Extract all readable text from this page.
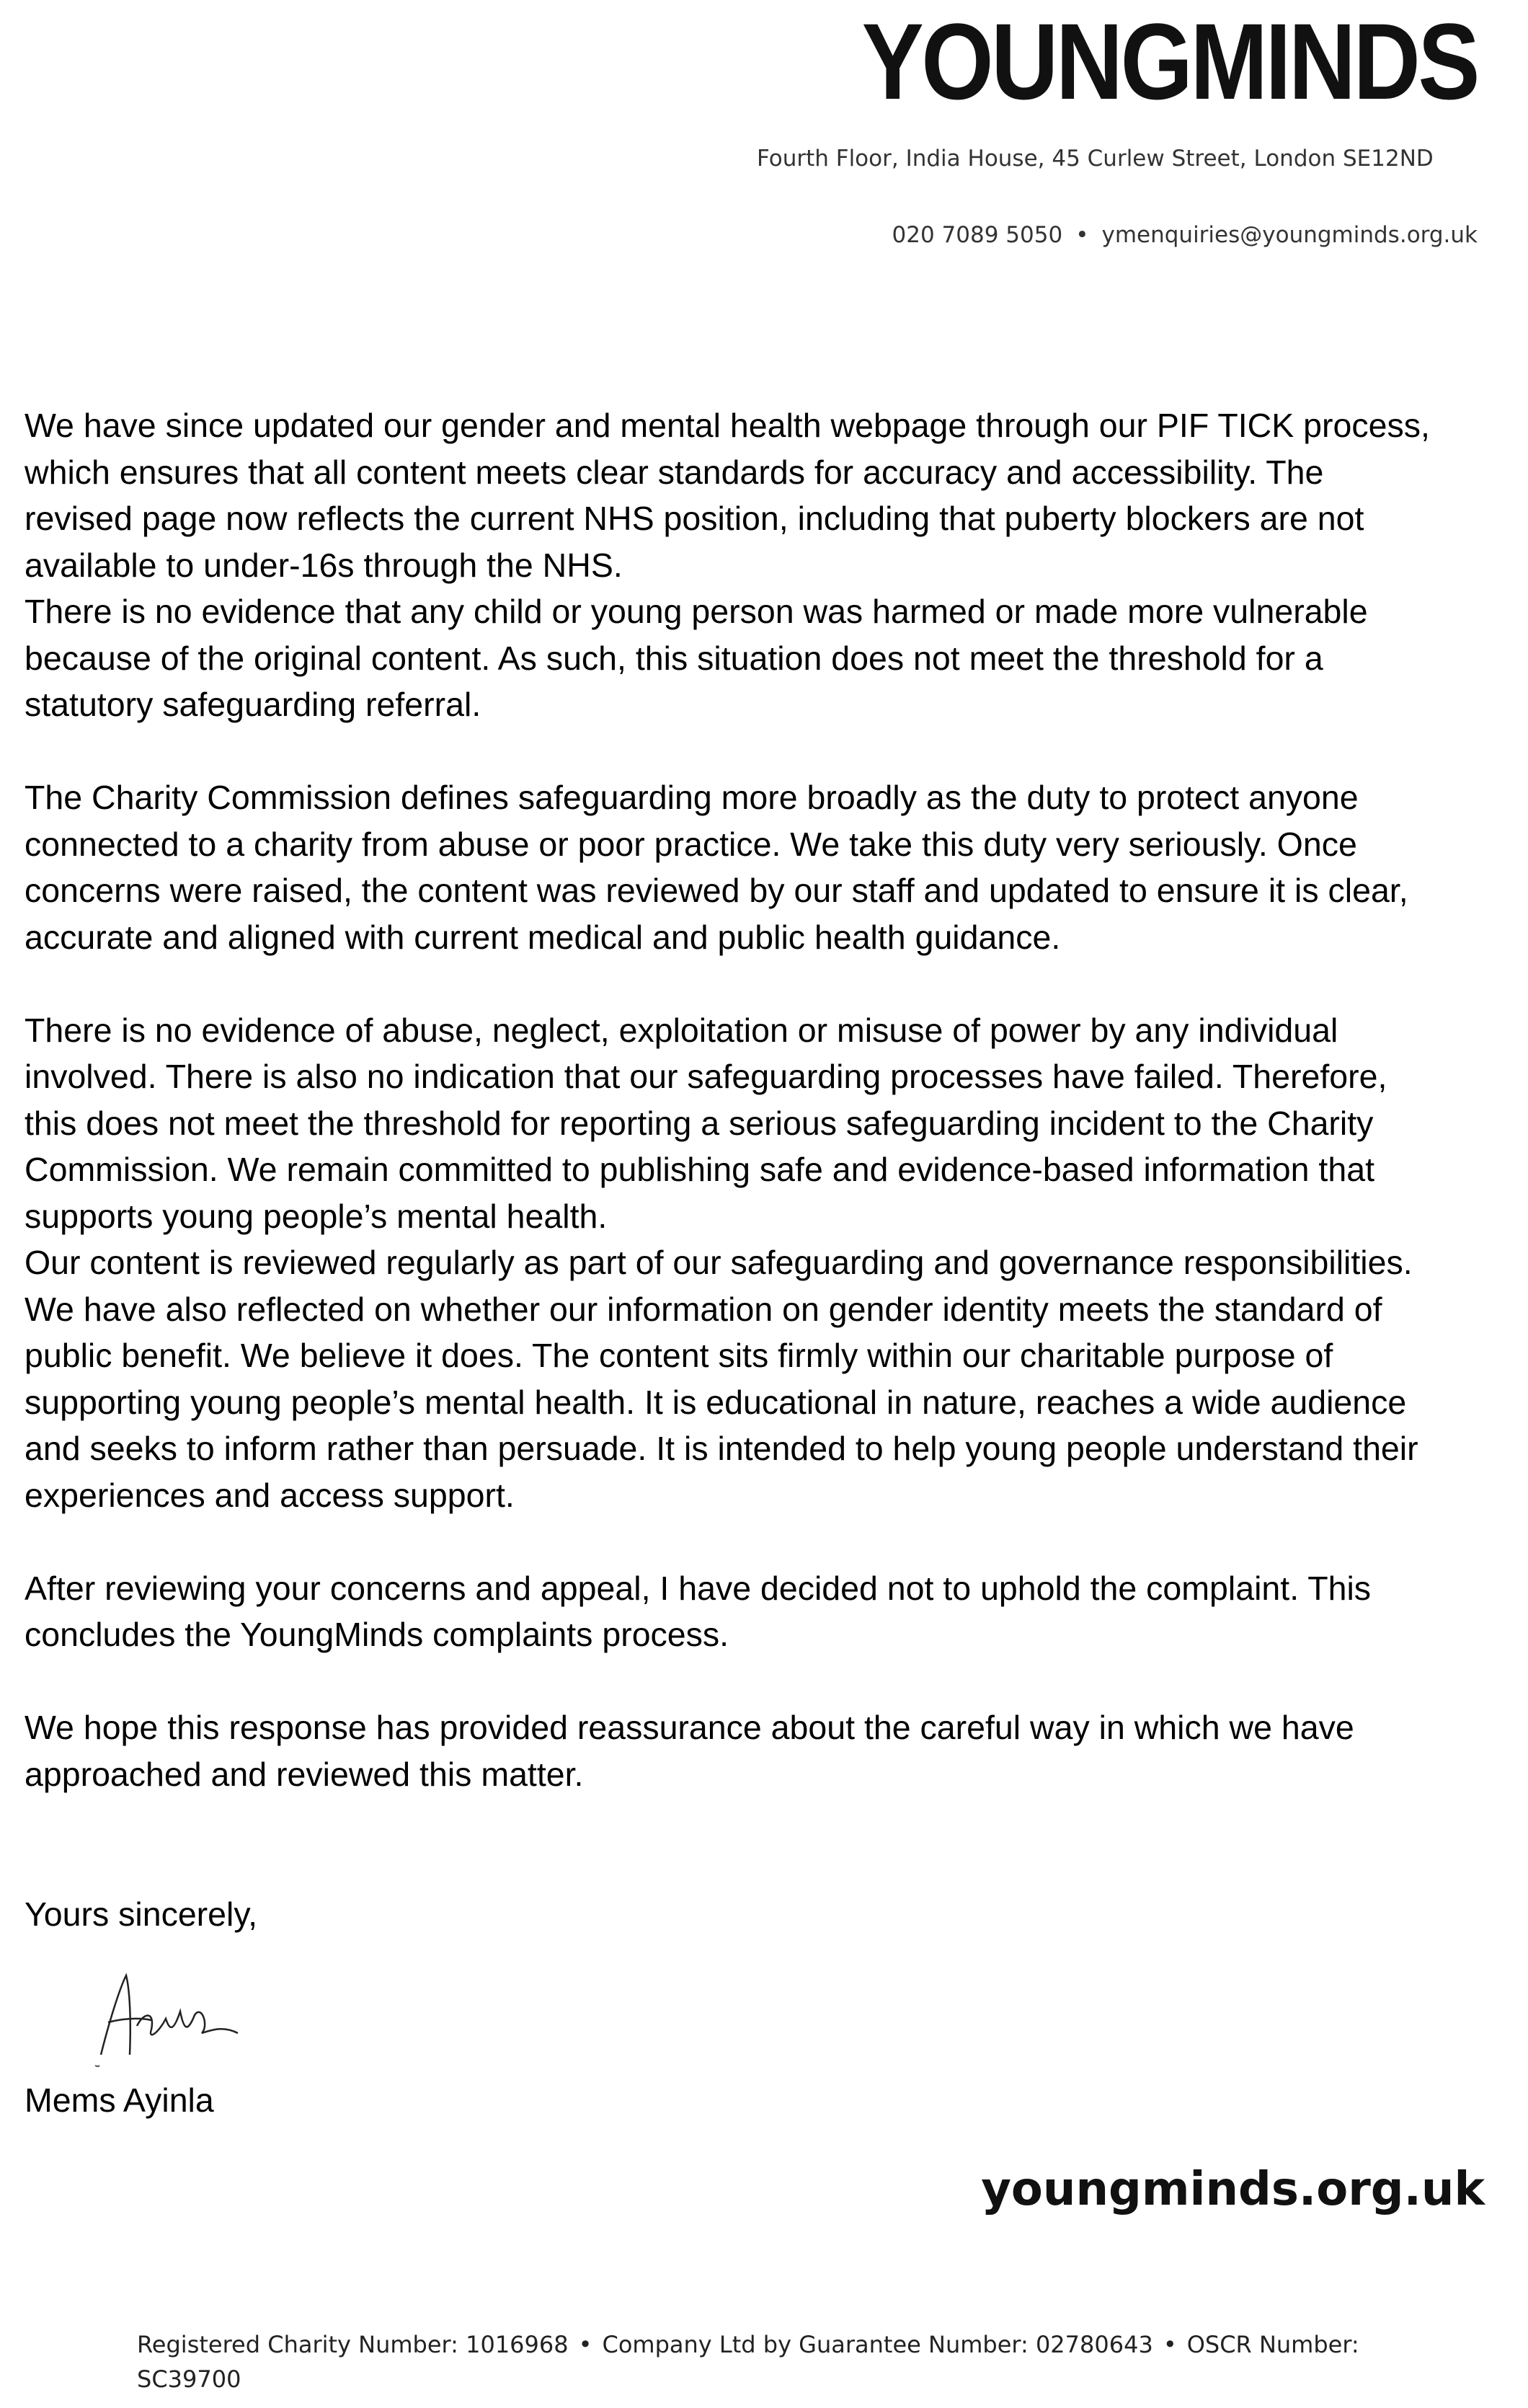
YOUNGMINDS
Fourth Floor, India House, 45 Curlew Street, London SE12ND
020 7089 5050 • ymenquiries@youngminds.org.uk

We have since updated our gender and mental health webpage through our PIF TICK process, which ensures that all content meets clear standards for accuracy and accessibility. The revised page now reflects the current NHS position, including that puberty blockers are not available to under-16s through the NHS.

There is no evidence that any child or young person was harmed or made more vulnerable because of the original content. As such, this situation does not meet the threshold for a statutory safeguarding referral.

The Charity Commission defines safeguarding more broadly as the duty to protect anyone connected to a charity from abuse or poor practice. We take this duty very seriously. Once concerns were raised, the content was reviewed by our staff and updated to ensure it is clear, accurate and aligned with current medical and public health guidance.

There is no evidence of abuse, neglect, exploitation or misuse of power by any individual involved. There is also no indication that our safeguarding processes have failed. Therefore, this does not meet the threshold for reporting a serious safeguarding incident to the Charity Commission. We remain committed to publishing safe and evidence-based information that supports young people’s mental health.

Our content is reviewed regularly as part of our safeguarding and governance responsibilities. We have also reflected on whether our information on gender identity meets the standard of public benefit. We believe it does. The content sits firmly within our charitable purpose of supporting young people’s mental health. It is educational in nature, reaches a wide audience and seeks to inform rather than persuade. It is intended to help young people understand their experiences and access support.

After reviewing your concerns and appeal, I have decided not to uphold the complaint. This concludes the YoungMinds complaints process.

We hope this response has provided reassurance about the careful way in which we have approached and reviewed this matter.

Yours sincerely,
Mems Ayinla
youngminds.org.uk
Registered Charity Number: 1016968 • Company Ltd by Guarantee Number: 02780643 • OSCR Number: SC39700
